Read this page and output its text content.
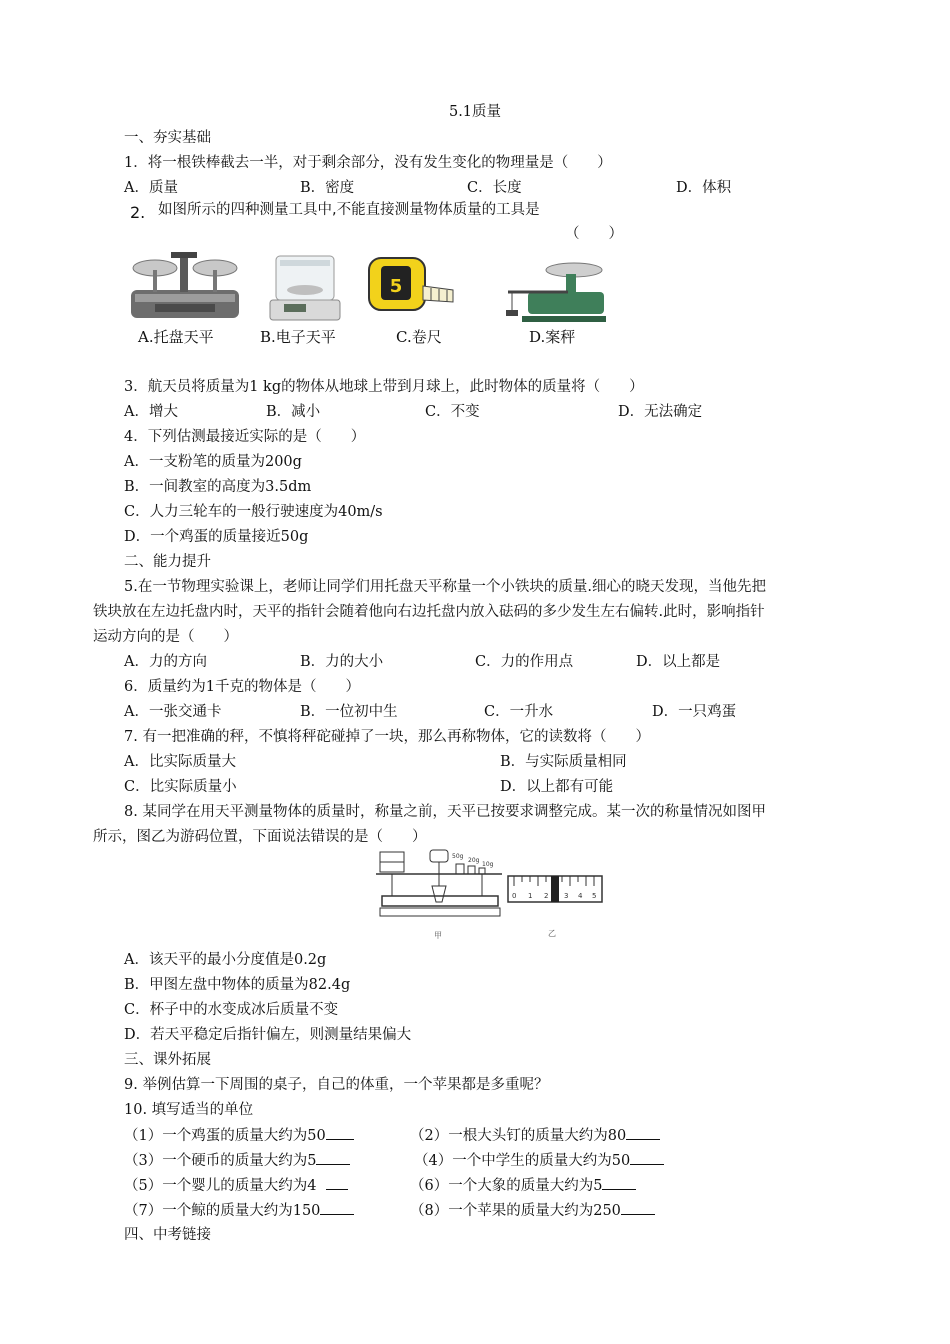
5.1质量
一、夯实基础
1．将一根铁棒截去一半，对于剩余部分，没有发生变化的物理量是（　　）
A．质量	B．密度	C．长度	D．体积
2. 如图所示的四种测量工具中,不能直接测量物体质量的工具是
（　　）
A.托盘天平	B.电子天平
5
C.卷尺	D.案秤
3．航天员将质量为1 kg的物体从地球上带到月球上，此时物体的质量将（　　）
A．增大	B．减小	C．不变	D．无法确定
4．下列估测最接近实际的是（　　）
A．一支粉笔的质量为200g
B．一间教室的高度为3.5dm
C．人力三轮车的一般行驶速度为40m/s
D．一个鸡蛋的质量接近50g
二、能力提升
5.在一节物理实验课上，老师让同学们用托盘天平称量一个小铁块的质量.细心的晓天发现，当他先把
铁块放在左边托盘内时，天平的指针会随着他向右边托盘内放入砝码的多少发生左右偏转.此时，影响指针
运动方向的是（　　）
A．力的方向	B．力的大小	C．力的作用点	D．以上都是
6．质量约为1千克的物体是（　　）
A．一张交通卡	B．一位初中生	C．一升水	D．一只鸡蛋
7. 有一把准确的秤，不慎将秤砣碰掉了一块，那么再称物体，它的读数将（　　）
A．比实际质量大	B．与实际质量相同
C．比实际质量小	D．以上都有可能
8. 某同学在用天平测量物体的质量时，称量之前，天平已按要求调整完成。某一次的称量情况如图甲
所示，图乙为游码位置，下面说法错误的是（　　）
50g
20g
10g
甲
0 1 2 3 4 5
乙
A．该天平的最小分度值是0.2g
B．甲图左盘中物体的质量为82.4g
C．杯子中的水变成冰后质量不变
D．若天平稳定后指针偏左，则测量结果偏大
三、课外拓展
9. 举例估算一下周围的桌子，自己的体重，一个苹果都是多重呢？
10. 填写适当的单位
（1）一个鸡蛋的质量大约为50	（2）一根大头钉的质量大约为80
（3）一个硬币的质量大约为5	（4）一个中学生的质量大约为50
（5）一个婴儿的质量大约为4	（6）一个大象的质量大约为5
（7）一个鲸的质量大约为150	（8）一个苹果的质量大约为250
四、中考链接
